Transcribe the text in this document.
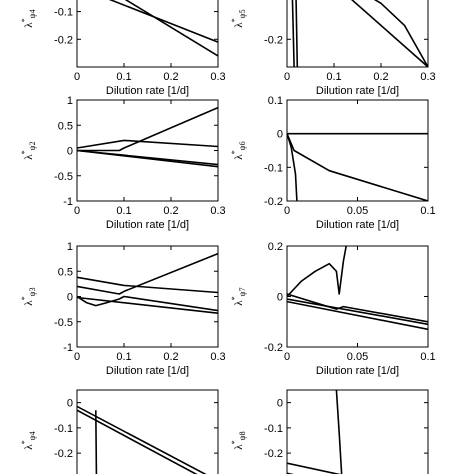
-0.1
-0.2
0	0.1	0.2	0.3
Dilution rate [1/d]
$\lambda^*_{\psi 4}$
-0.2
0	0.1	0.2	0.3
Dilution rate [1/d]
$\lambda^*_{\psi 5}$
1
0.5
0
-0.5
-1
0	0.1	0.2	0.3
Dilution rate [1/d]
$\lambda^*_{\psi 2}$
0.1
0
-0.1
-0.2
0	0.05	0.1
Dilution rate [1/d]
$\lambda^*_{\psi 6}$
1
0.5
0
-0.5
-1
0	0.1	0.2	0.3
Dilution rate [1/d]
$\lambda^*_{\psi 3}$
0.2
0
-0.2
0	0.05	0.1
Dilution rate [1/d]
$\lambda^*_{\psi 7}$
0
-0.1
-0.2
$\lambda^*_{\psi 4}$
0
-0.1
-0.2
$\lambda^*_{\psi 8}$
